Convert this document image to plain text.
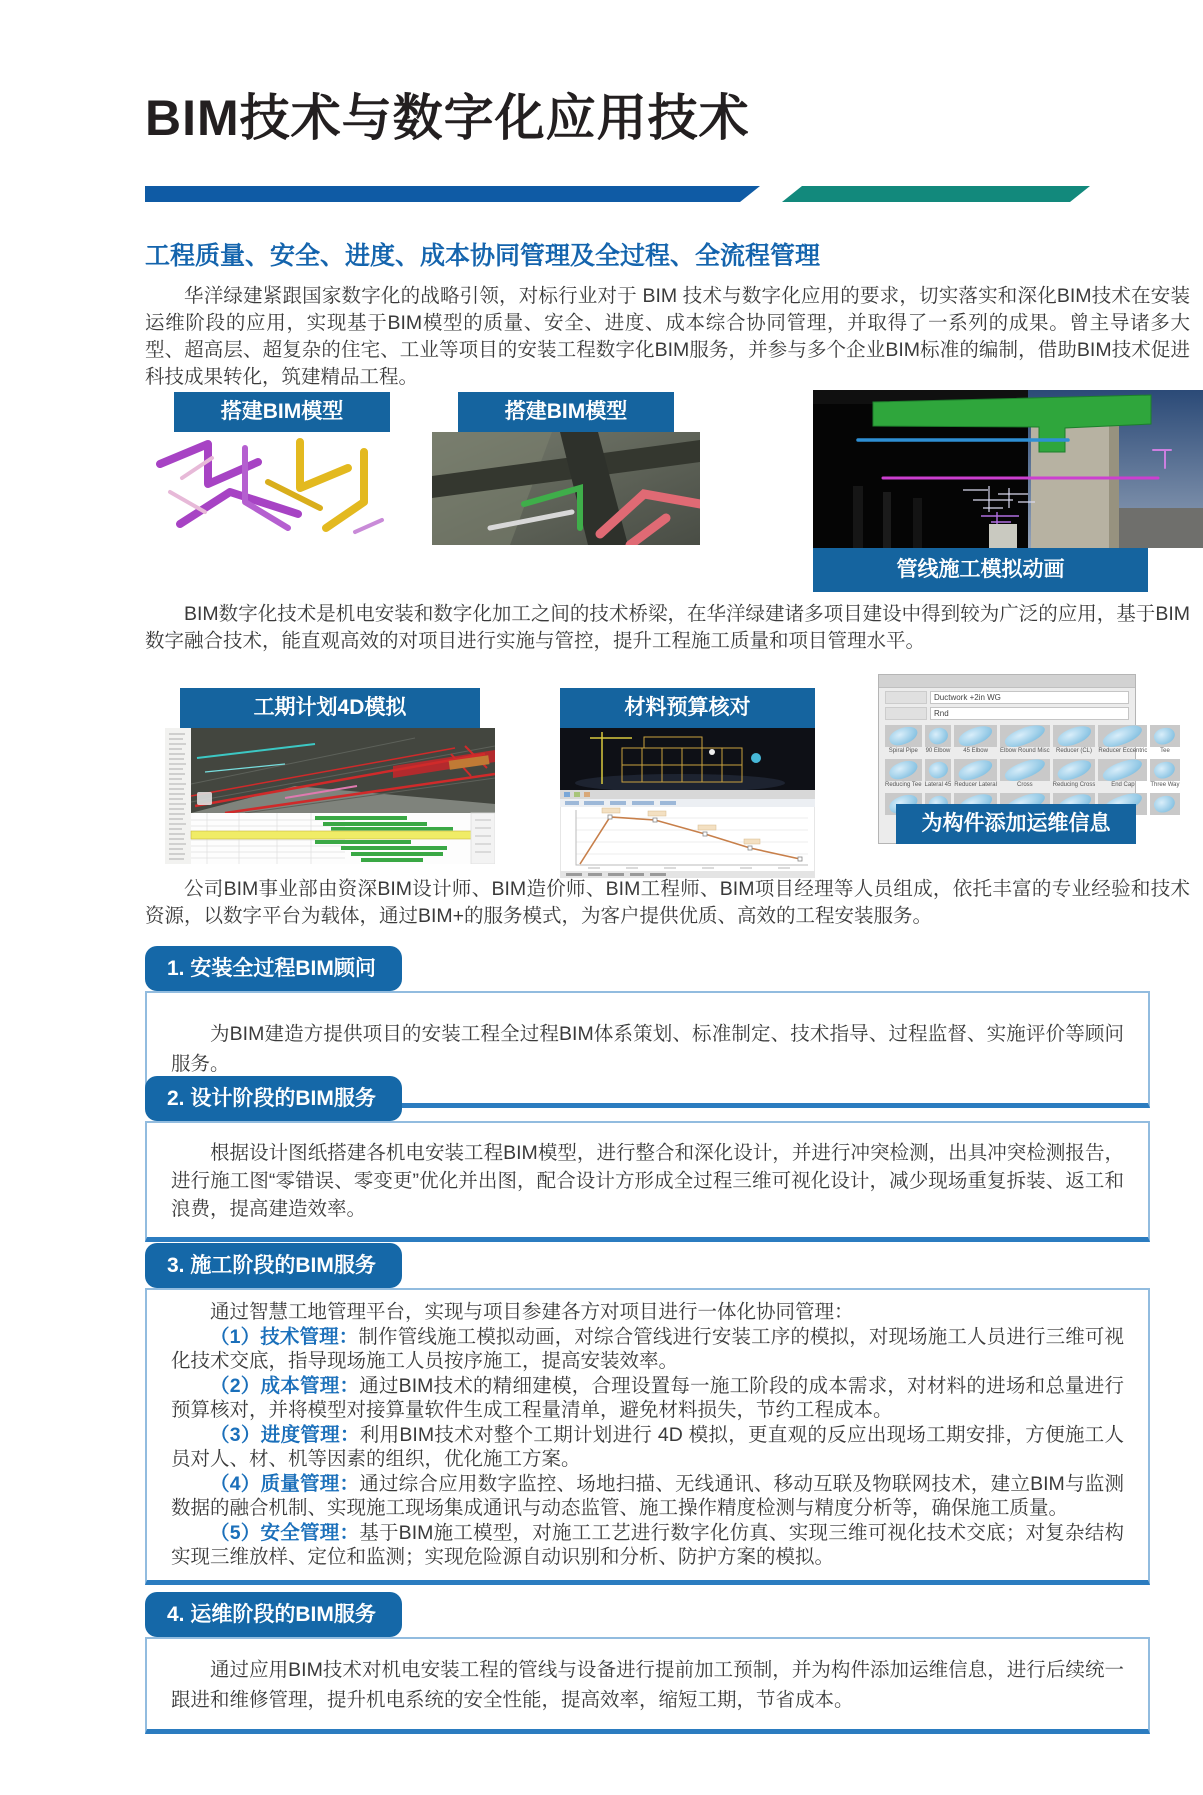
BIM技术与数字化应用技术
工程质量、安全、进度、成本协同管理及全过程、全流程管理

华洋绿建紧跟国家数字化的战略引领，对标行业对于 BIM 技术与数字化应用的要求，切实落实和深化BIM技术在安装运维阶段的应用，实现基于BIM模型的质量、安全、进度、成本综合协同管理，并取得了一系列的成果。曾主导诸多大型、超高层、超复杂的住宅、工业等项目的安装工程数字化BIM服务，并参与多个企业BIM标准的编制，借助BIM技术促进科技成果转化，筑建精品工程。

搭建BIM模型	搭建BIM模型
管线施工模拟动画

BIM数字化技术是机电安装和数字化加工之间的技术桥梁，在华洋绿建诸多项目建设中得到较为广泛的应用，基于BIM数字融合技术，能直观高效的对项目进行实施与管控，提升工程施工质量和项目管理水平。

工期计划4D模拟	材料预算核对	Ductwork +2in WG
Rnd
Spiral Pipe	90 Elbow	45 Elbow	Elbow Round Misc	Reducer (CL)	Reducer Eccentric	Tee
Reducing Tee Lateral 45 Reducer Lateral	Cross	Reducing Cross	End Cap	Three Way
为构件添加运维信息

公司BIM事业部由资深BIM设计师、BIM造价师、BIM工程师、BIM项目经理等人员组成，依托丰富的专业经验和技术资源，以数字平台为载体，通过BIM+的服务模式，为客户提供优质、高效的工程安装服务。

1. 安装全过程BIM顾问

为BIM建造方提供项目的安装工程全过程BIM体系策划、标准制定、技术指导、过程监督、实施评价等顾问服务。

2. 设计阶段的BIM服务

根据设计图纸搭建各机电安装工程BIM模型，进行整合和深化设计，并进行冲突检测，出具冲突检测报告，进行施工图“零错误、零变更”优化并出图，配合设计方形成全过程三维可视化设计，减少现场重复拆装、返工和浪费，提高建造效率。

3. 施工阶段的BIM服务

通过智慧工地管理平台，实现与项目参建各方对项目进行一体化协同管理：

（1）技术管理：制作管线施工模拟动画，对综合管线进行安装工序的模拟，对现场施工人员进行三维可视化技术交底，指导现场施工人员按序施工，提高安装效率。

（2）成本管理：通过BIM技术的精细建模，合理设置每一施工阶段的成本需求，对材料的进场和总量进行预算核对，并将模型对接算量软件生成工程量清单，避免材料损失，节约工程成本。

（3）进度管理：利用BIM技术对整个工期计划进行 4D 模拟，更直观的反应出现场工期安排，方便施工人员对人、材、机等因素的组织，优化施工方案。

（4）质量管理：通过综合应用数字监控、场地扫描、无线通讯、移动互联及物联网技术，建立BIM与监测数据的融合机制、实现施工现场集成通讯与动态监管、施工操作精度检测与精度分析等，确保施工质量。

（5）安全管理：基于BIM施工模型，对施工工艺进行数字化仿真、实现三维可视化技术交底；对复杂结构实现三维放样、定位和监测；实现危险源自动识别和分析、防护方案的模拟。

4. 运维阶段的BIM服务

通过应用BIM技术对机电安装工程的管线与设备进行提前加工预制，并为构件添加运维信息，进行后续统一跟进和维修管理，提升机电系统的安全性能，提高效率，缩短工期，节省成本。
